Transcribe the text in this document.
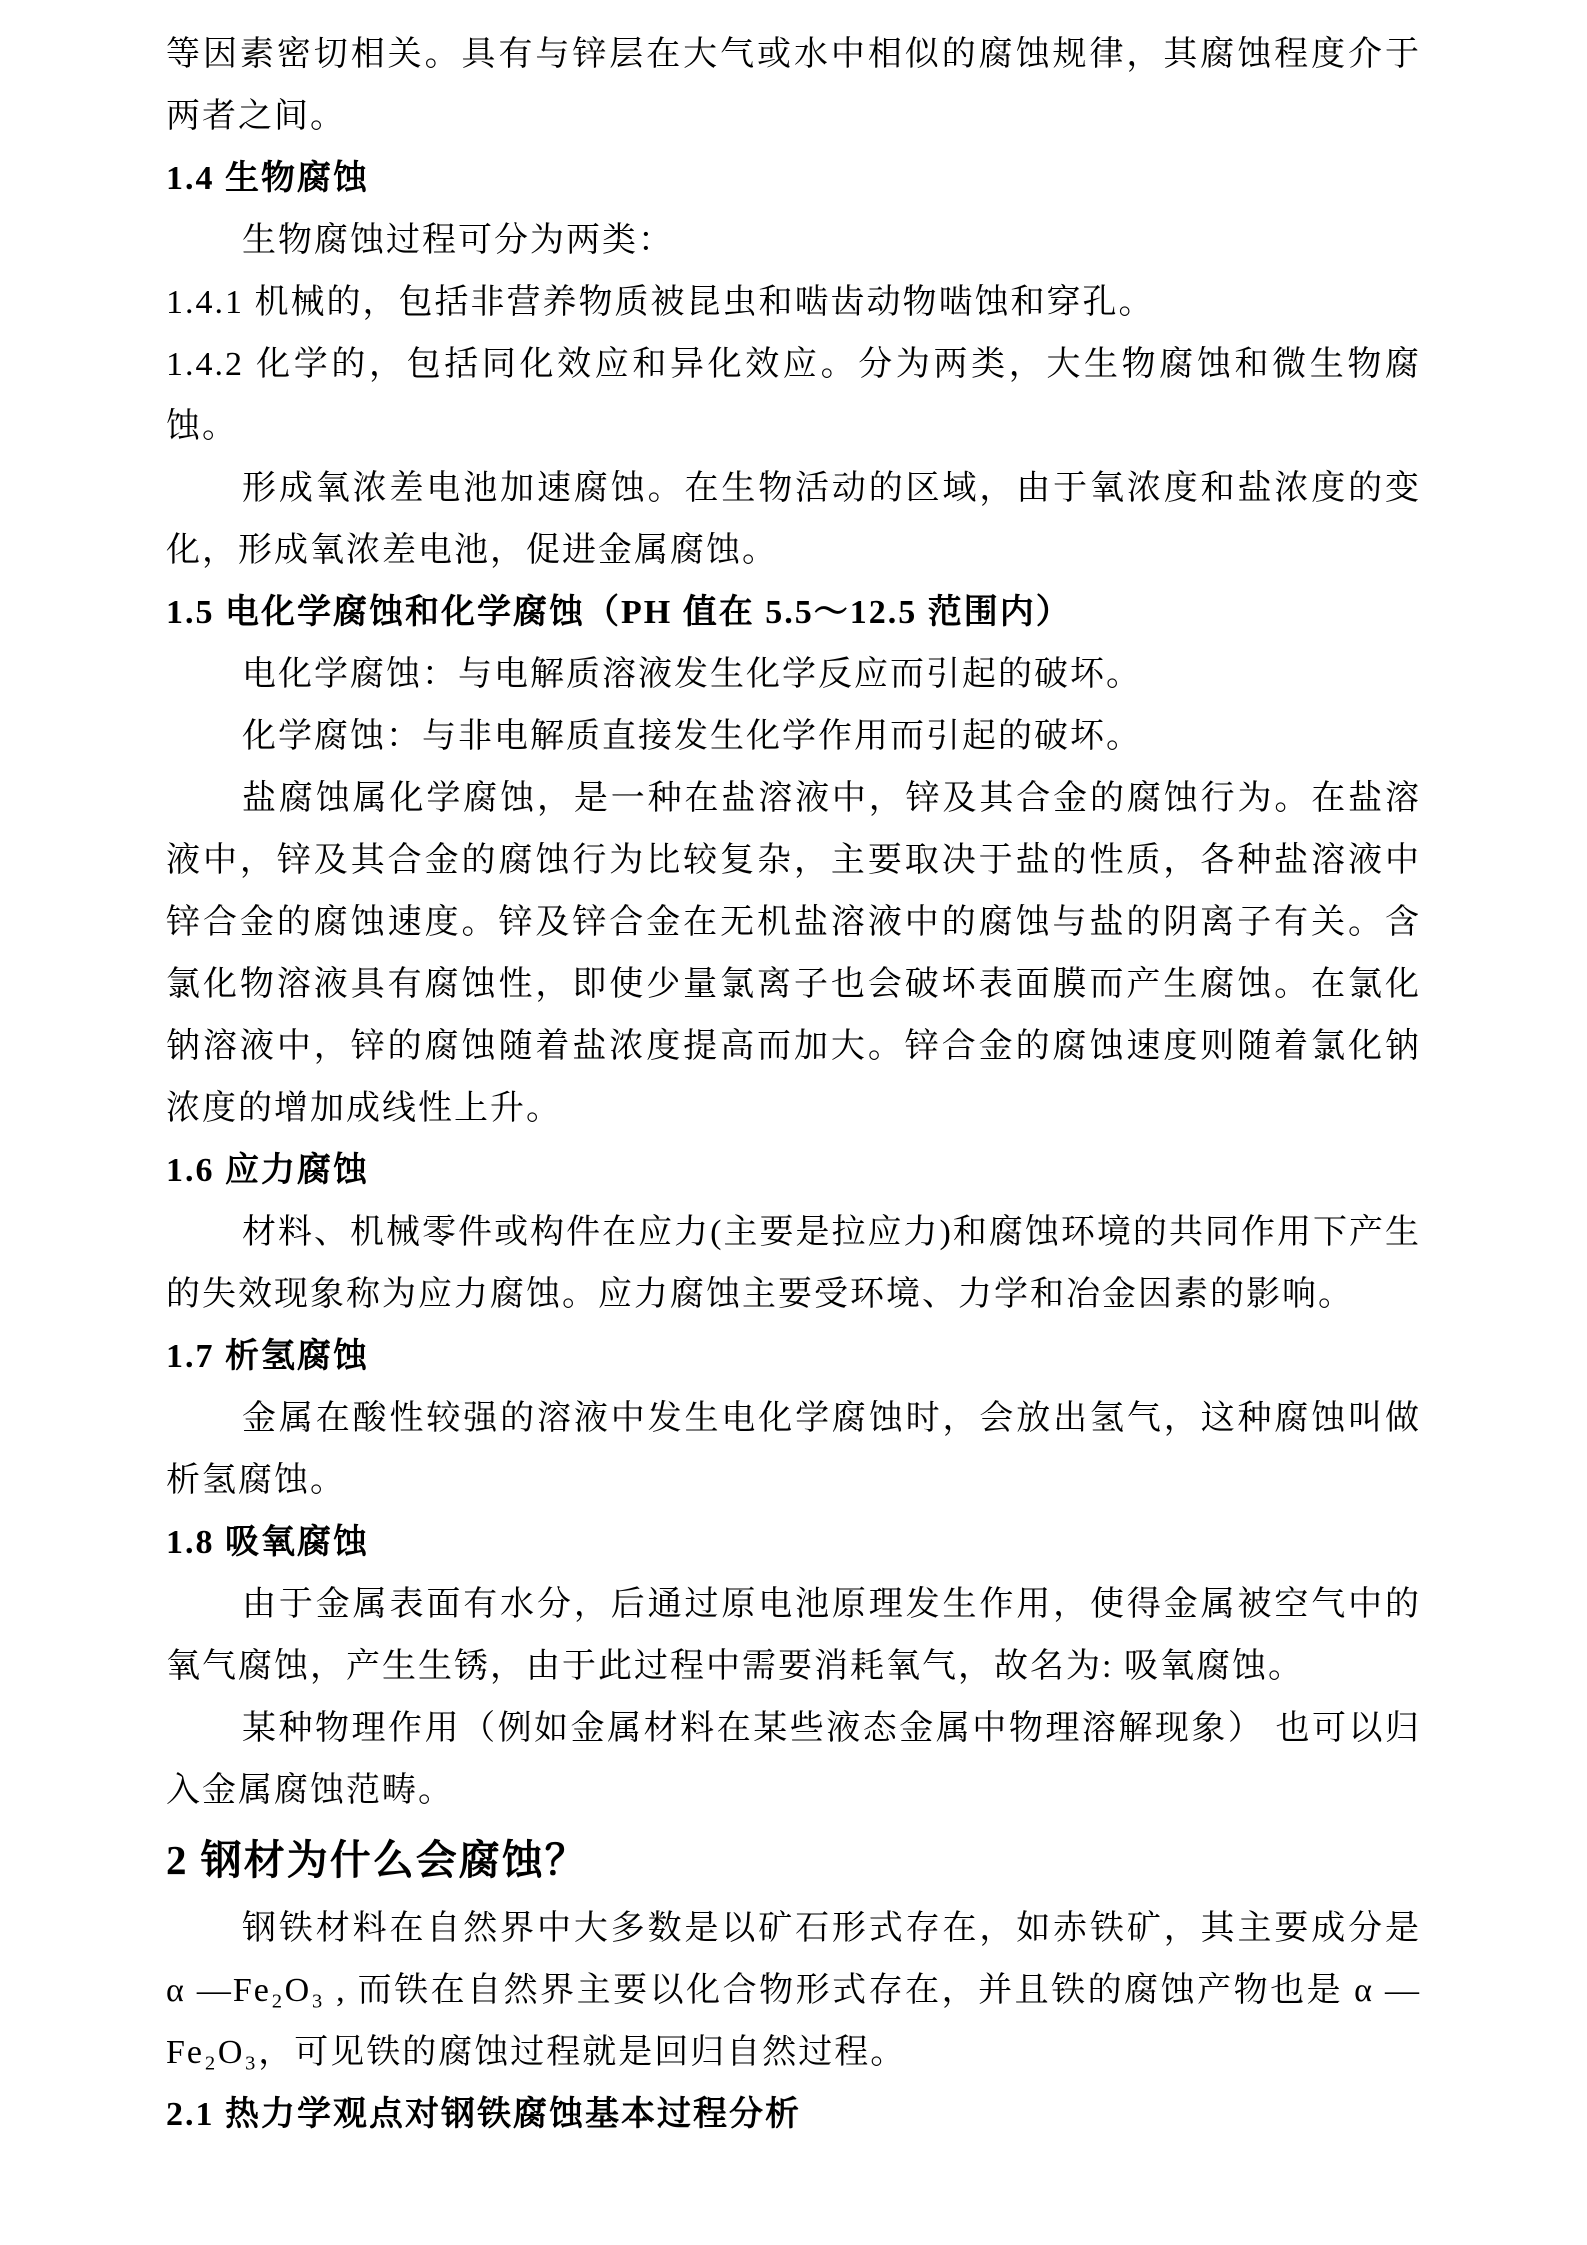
等因素密切相关。具有与锌层在大气或水中相似的腐蚀规律，其腐蚀程度介于两者之间。

1.4 生物腐蚀

生物腐蚀过程可分为两类：

1.4.1 机械的，包括非营养物质被昆虫和啮齿动物啮蚀和穿孔。

1.4.2 化学的，包括同化效应和异化效应。分为两类，大生物腐蚀和微生物腐蚀。

形成氧浓差电池加速腐蚀。在生物活动的区域，由于氧浓度和盐浓度的变化，形成氧浓差电池，促进金属腐蚀。

1.5 电化学腐蚀和化学腐蚀（PH 值在 5.5～12.5 范围内）

电化学腐蚀：与电解质溶液发生化学反应而引起的破坏。

化学腐蚀：与非电解质直接发生化学作用而引起的破坏。

盐腐蚀属化学腐蚀，是一种在盐溶液中，锌及其合金的腐蚀行为。在盐溶液中，锌及其合金的腐蚀行为比较复杂，主要取决于盐的性质，各种盐溶液中锌合金的腐蚀速度。锌及锌合金在无机盐溶液中的腐蚀与盐的阴离子有关。含氯化物溶液具有腐蚀性，即使少量氯离子也会破坏表面膜而产生腐蚀。在氯化钠溶液中，锌的腐蚀随着盐浓度提高而加大。锌合金的腐蚀速度则随着氯化钠浓度的增加成线性上升。

1.6 应力腐蚀

材料、机械零件或构件在应力(主要是拉应力)和腐蚀环境的共同作用下产生的失效现象称为应力腐蚀。应力腐蚀主要受环境、力学和冶金因素的影响。

1.7 析氢腐蚀

金属在酸性较强的溶液中发生电化学腐蚀时，会放出氢气，这种腐蚀叫做析氢腐蚀。

1.8 吸氧腐蚀

由于金属表面有水分，后通过原电池原理发生作用，使得金属被空气中的氧气腐蚀，产生生锈，由于此过程中需要消耗氧气，故名为: 吸氧腐蚀。

某种物理作用（例如金属材料在某些液态金属中物理溶解现象） 也可以归入金属腐蚀范畴。

2 钢材为什么会腐蚀？

钢铁材料在自然界中大多数是以矿石形式存在，如赤铁矿，其主要成分是 α —Fe₂O₃ , 而铁在自然界主要以化合物形式存在，并且铁的腐蚀产物也是 α —Fe₂O₃，可见铁的腐蚀过程就是回归自然过程。

2.1 热力学观点对钢铁腐蚀基本过程分析
